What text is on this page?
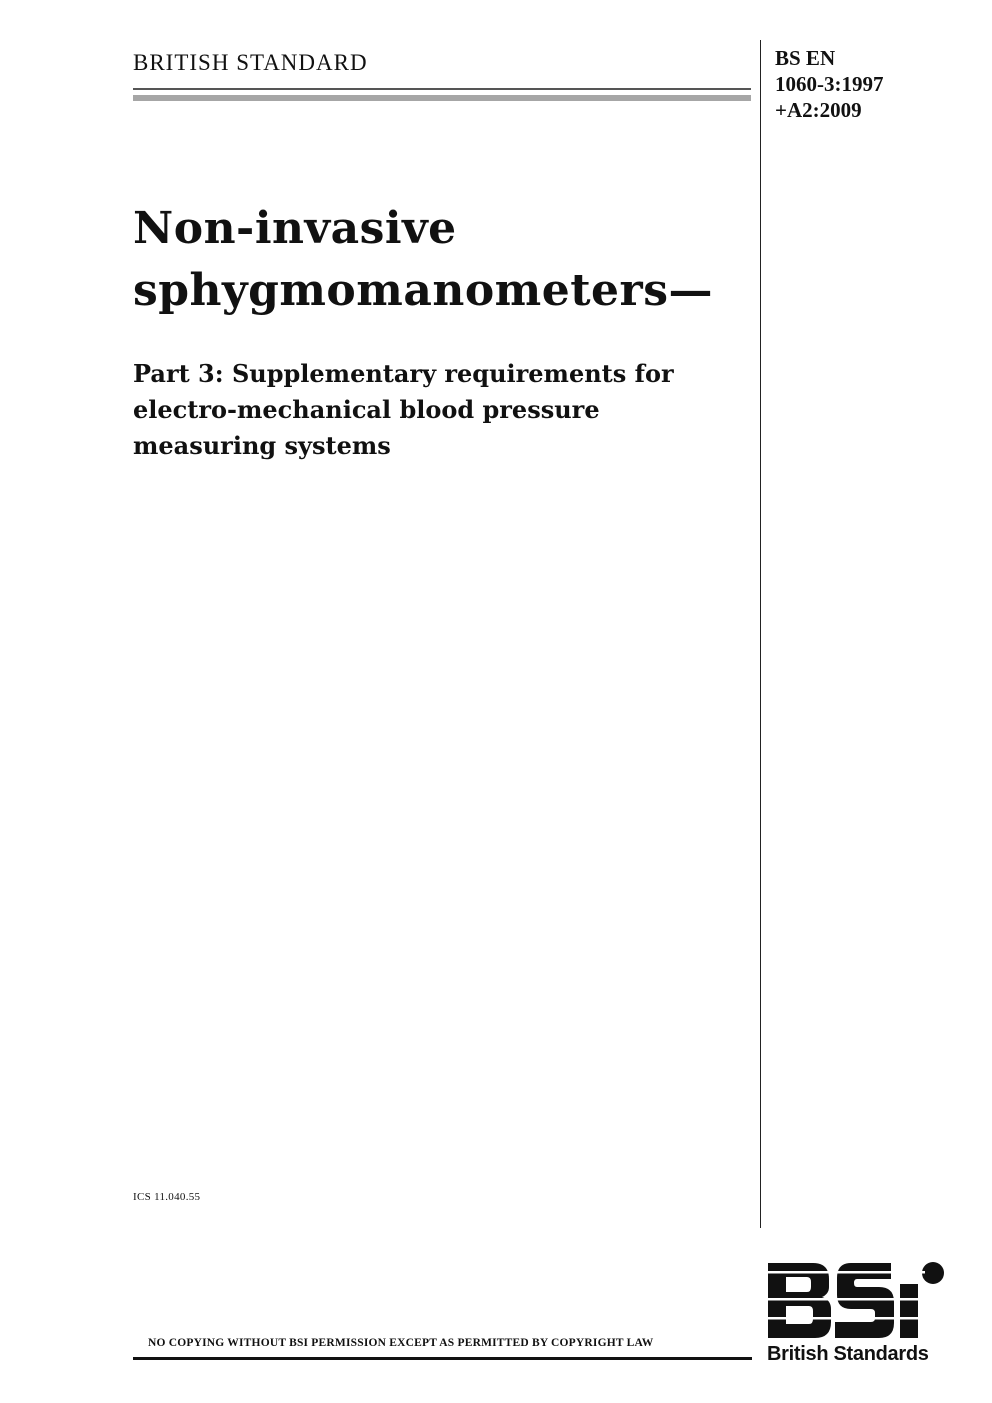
BRITISH STANDARD	BS EN
1060-3:1997
+A2:2009
Non-invasive
sphygmomanometers—
Part 3: Supplementary requirements for
electro-mechanical blood pressure
measuring systems
ICS 11.040.55
NO COPYING WITHOUT BSI PERMISSION EXCEPT AS PERMITTED BY COPYRIGHT LAW	British Standards
